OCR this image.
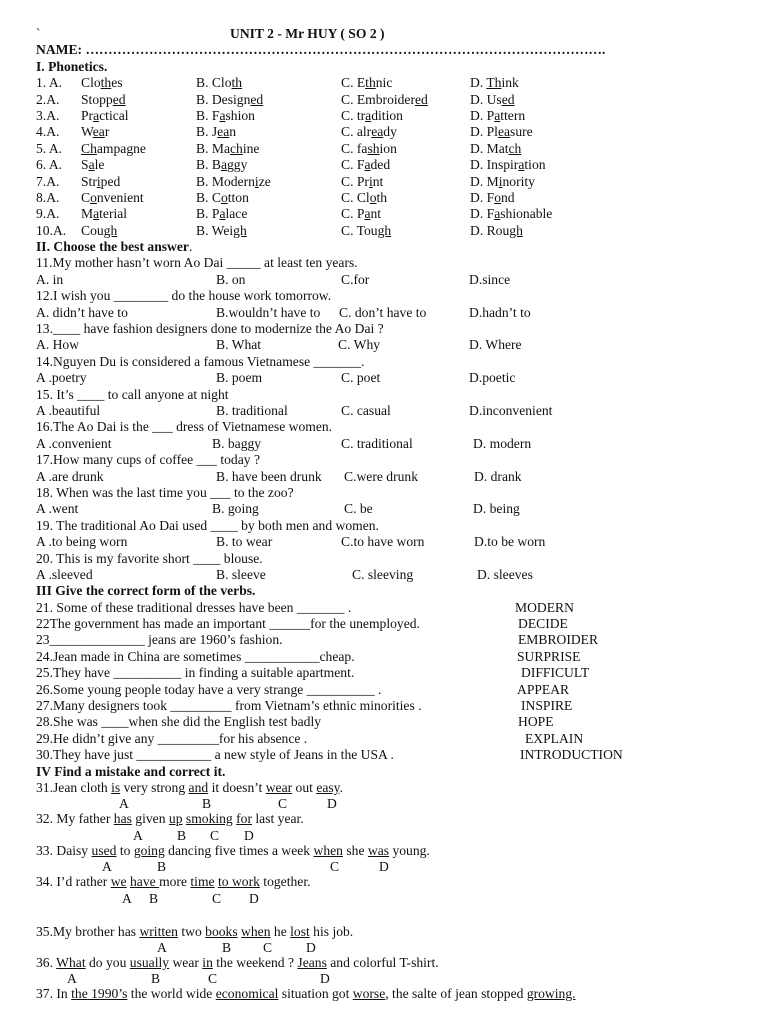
`	UNIT 2 - Mr HUY ( SO 2 )
NAME: …………………………………………………………………………………………………….
I. Phonetics.
1. A. Clothes	B. Cloth	C. Ethnic	D. Think
2.A. Stopped	B. Designed	C. Embroidered	D. Used
3.A. Practical	B. Fashion	C. tradition	D. Pattern
4.A. Wear	B. Jean	C. already	D. Pleasure
5. A. Champagne	B. Machine	C. fashion	D. Match
6. A. Sale	B. Baggy	C. Faded	D. Inspiration
7.A. Striped	B. Modernize	C. Print	D. Minority
8.A. Convenient	B. Cotton	C. Cloth	D. Fond
9.A. Material	B. Palace	C. Pant	D. Fashionable
10.A. Cough	B. Weigh	C. Tough	D. Rough
II. Choose the best answer.
11.My mother hasn’t worn Ao Dai _____ at least ten years.
A. in	B. on	C.for	D.since
12.I wish you ________ do the house work tomorrow.
A. didn’t have to	B.wouldn’t have to C. don’t have to	D.hadn’t to
13.____ have fashion designers done to modernize the Ao Dai ?
A. How	B. What	C. Why	D. Where
14.Nguyen Du is considered a famous Vietnamese _______.
A .poetry	B. poem	C. poet	D.poetic
15. It’s ____ to call anyone at night
A .beautiful	B. traditional	C. casual	D.inconvenient
16.The Ao Dai is the ___ dress of Vietnamese women.
A .convenient	B. baggy	C. traditional	D. modern
17.How many cups of coffee ___ today ?
A .are drunk	B. have been drunk C.were drunk	D. drank
18. When was the last time you ___ to the zoo?
A .went	B. going	C. be	D. being
19. The traditional Ao Dai used ____ by both men and women.
A .to being worn	B. to wear	C.to have worn	D.to be worn
20. This is my favorite short ____ blouse.
A .sleeved	B. sleeve	C. sleeving	D. sleeves
III Give the correct form of the verbs.
21. Some of these traditional dresses have been _______ .	MODERN
22The government has made an important ______for the unemployed.	DECIDE
23______________ jeans are 1960’s fashion.	EMBROIDER
24.Jean made in China are sometimes ___________cheap.	SURPRISE
25.They have __________ in finding a suitable apartment.	DIFFICULT
26.Some young people today have a very strange __________ .	APPEAR
27.Many designers took _________ from Vietnam’s ethnic minorities .	INSPIRE
28.She was ____when she did the English test badly	HOPE
29.He didn’t give any _________for his absence .	EXPLAIN
30.They have just ___________ a new style of Jeans in the USA .	INTRODUCTION
IV Find a mistake and correct it.
31.Jean cloth is very strong and it doesn’t wear out easy.
A	B	C	D
32. My father has given up smoking for last year.
A	B C D
33. Daisy used to going dancing five times a week when she was young.
A	B	C	D
34. I’d rather we have more time to work together.
A B	C D
35.My brother has written two books when he lost his job.
A	B C D
36. What do you usually wear in the weekend ? Jeans and colorful T-shirt.
A	B	C	D
37. In the 1990’s the world wide economical situation got worse, the salte of jean stopped growing.
